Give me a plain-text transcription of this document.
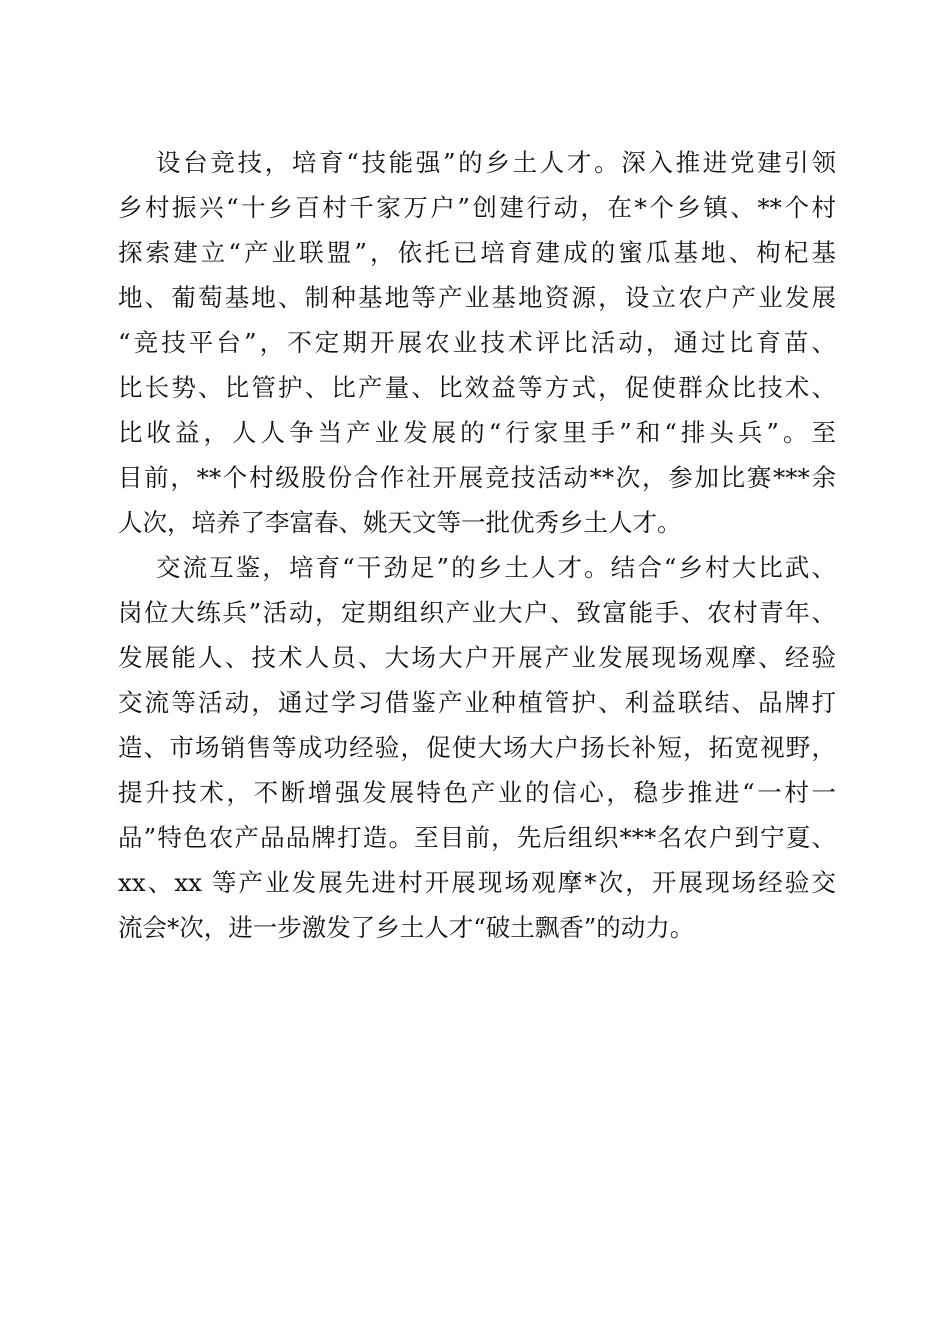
设台竞技，培育“技能强”的乡土人才。深入推进党建引领
乡村振兴“十乡百村千家万户”创建行动，在*个乡镇、**个村
探索建立“产业联盟”，依托已培育建成的蜜瓜基地、枸杞基
地、葡萄基地、制种基地等产业基地资源，设立农户产业发展
“竞技平台”，不定期开展农业技术评比活动，通过比育苗、
比长势、比管护、比产量、比效益等方式，促使群众比技术、
比收益，人人争当产业发展的“行家里手”和“排头兵”。至
目前，**个村级股份合作社开展竞技活动**次，参加比赛***余
人次，培养了李富春、姚天文等一批优秀乡土人才。
交流互鉴，培育“干劲足”的乡土人才。结合“乡村大比武、
岗位大练兵”活动，定期组织产业大户、致富能手、农村青年、
发展能人、技术人员、大场大户开展产业发展现场观摩、经验
交流等活动，通过学习借鉴产业种植管护、利益联结、品牌打
造、市场销售等成功经验，促使大场大户扬长补短，拓宽视野，
提升技术，不断增强发展特色产业的信心，稳步推进“一村一
品”特色农产品品牌打造。至目前，先后组织***名农户到宁夏、
xx、xx 等产业发展先进村开展现场观摩*次，开展现场经验交
流会*次，进一步激发了乡土人才“破土飘香”的动力。
